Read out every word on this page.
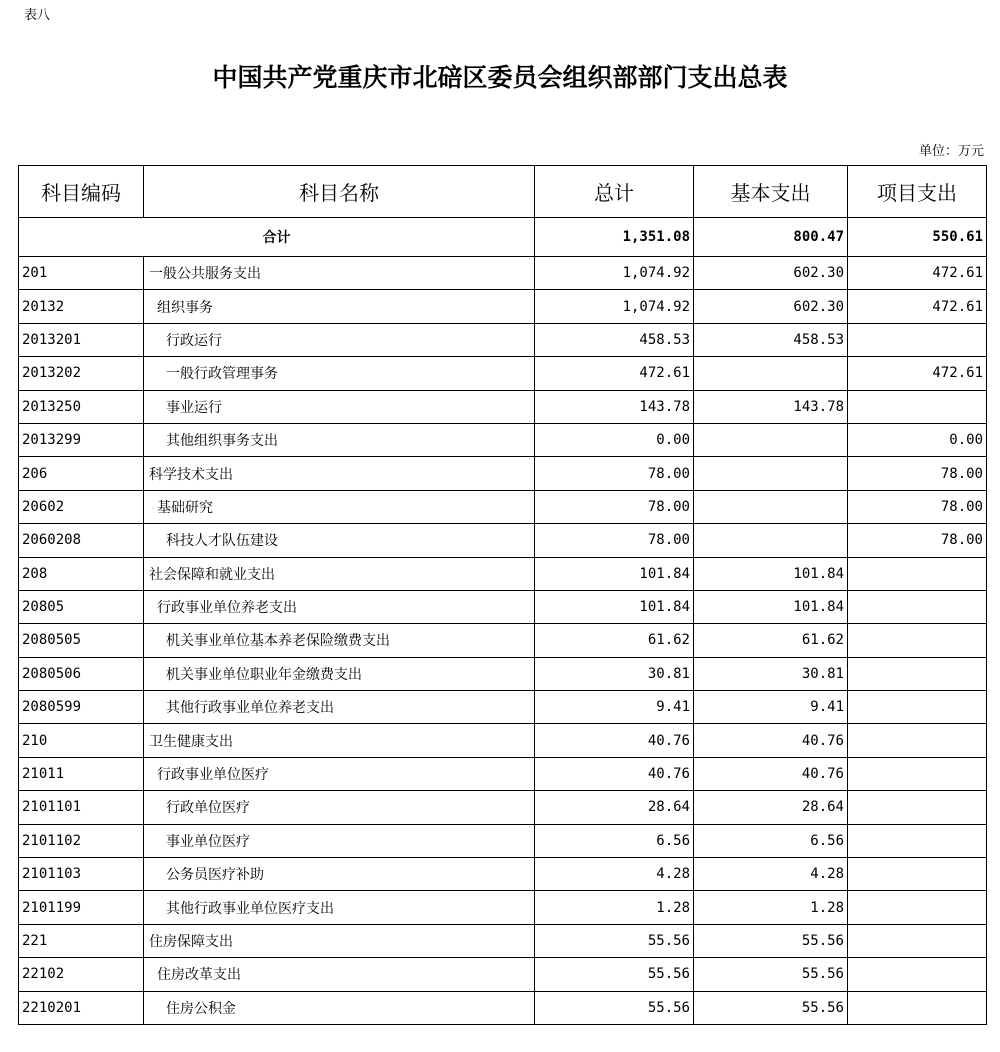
表八
中国共产党重庆市北碚区委员会组织部部门支出总表
单位：万元
科目编码	科目名称	总计	基本支出	项目支出
合计		1,351.08	800.47	550.61
201	一般公共服务支出	1,074.92	602.30	472.61
20132	组织事务	1,074.92	602.30	472.61
2013201	行政运行	458.53	458.53	
2013202	一般行政管理事务	472.61		472.61
2013250	事业运行	143.78	143.78	
2013299	其他组织事务支出	0.00		0.00
206	科学技术支出	78.00		78.00
20602	基础研究	78.00		78.00
2060208	科技人才队伍建设	78.00		78.00
208	社会保障和就业支出	101.84	101.84	
20805	行政事业单位养老支出	101.84	101.84	
2080505	机关事业单位基本养老保险缴费支出	61.62	61.62	
2080506	机关事业单位职业年金缴费支出	30.81	30.81	
2080599	其他行政事业单位养老支出	9.41	9.41	
210	卫生健康支出	40.76	40.76	
21011	行政事业单位医疗	40.76	40.76	
2101101	行政单位医疗	28.64	28.64	
2101102	事业单位医疗	6.56	6.56	
2101103	公务员医疗补助	4.28	4.28	
2101199	其他行政事业单位医疗支出	1.28	1.28	
221	住房保障支出	55.56	55.56	
22102	住房改革支出	55.56	55.56	
2210201	住房公积金	55.56	55.56	
